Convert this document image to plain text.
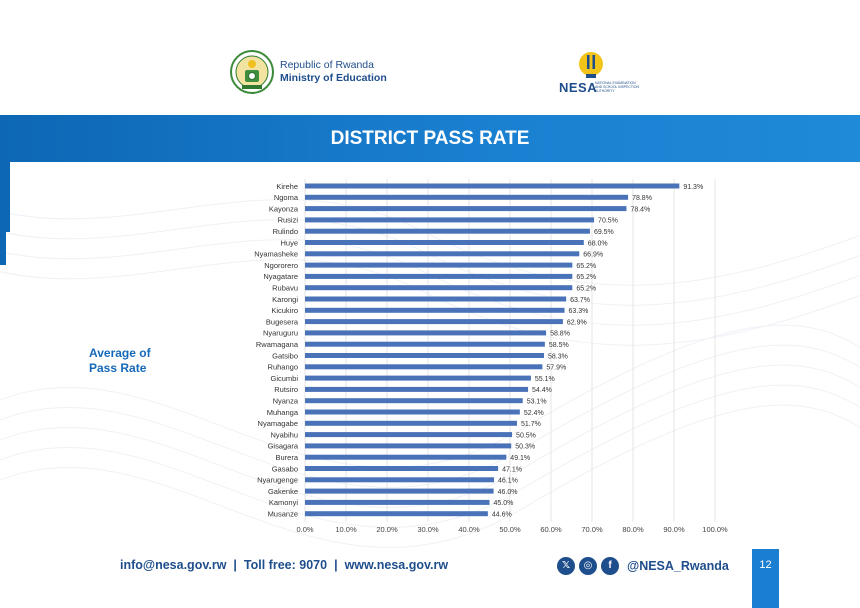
Republic of Rwanda
Ministry of Education
NESA
NATIONAL EXAMINATION AND SCHOOL INSPECTION AUTHORITY
DISTRICT PASS RATE
Average of
Pass Rate
0.0%	10.0%	20.0%	30.0%	40.0%	50.0%	60.0%	70.0%	80.0%	90.0% 100.0%
Kirehe	91.3%
Ngoma	78.8%
Kayonza	78.4%
Rusizi	70.5%
Rulindo	69.5%
Huye	68.0%
Nyamasheke	66.9%
Ngororero	65.2%
Nyagatare	65.2%
Rubavu	65.2%
Karongi	63.7%
Kicukiro	63.3%
Bugesera	62.9%
Nyaruguru	58.8%
Rwamagana	58.5%
Gatsibo	58.3%
Ruhango	57.9%
Gicumbi	55.1%
Rutsiro	54.4%
Nyanza	53.1%
Muhanga	52.4%
Nyamagabe	51.7%
Nyabihu	50.5%
Gisagara	50.3%
Burera	49.1%
Gasabo	47.1%
Nyarugenge	46.1%
Gakenke	46.0%
Kamonyi	45.0%
Musanze	44.6%
info@nesa.gov.rw | Toll free: 9070 | www.nesa.gov.rw	𝕏	◎	f	@NESA_Rwanda	12
